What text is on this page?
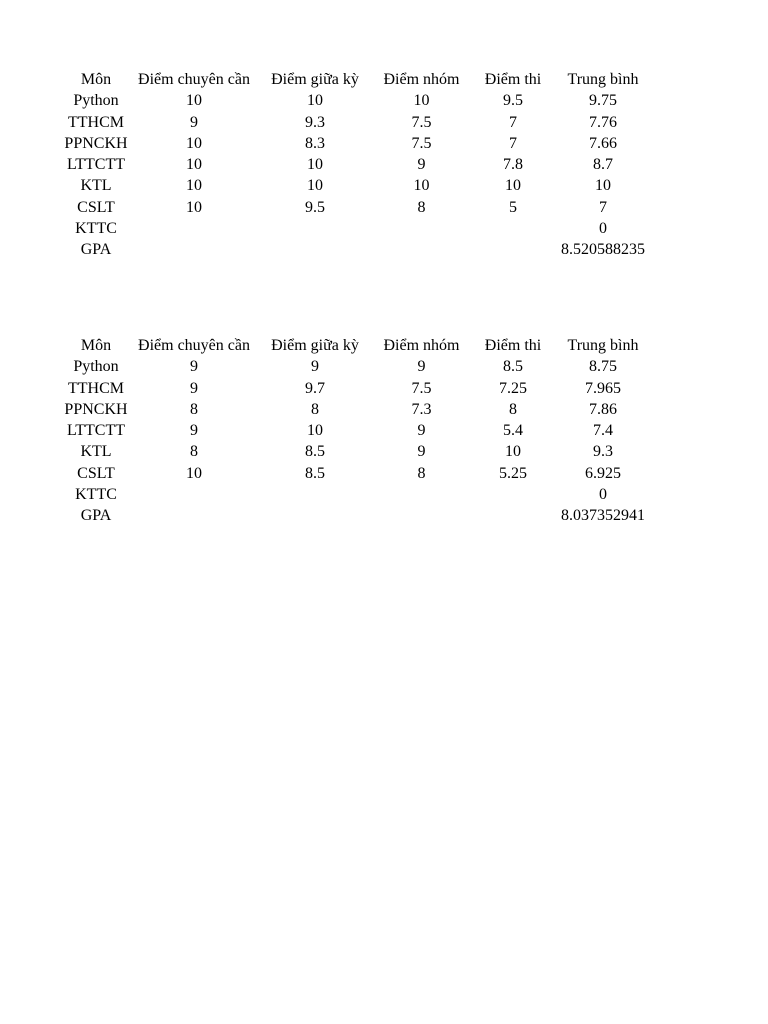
Môn	Điểm chuyên cần	Điểm giữa kỳ	Điểm nhóm	Điểm thi	Trung bình
Python	10	10	10	9.5	9.75
TTHCM	9	9.3	7.5	7	7.76
PPNCKH	10	8.3	7.5	7	7.66
LTTCTT	10	10	9	7.8	8.7
KTL	10	10	10	10	10
CSLT	10	9.5	8	5	7
KTTC					0
GPA					8.520588235
Môn	Điểm chuyên cần	Điểm giữa kỳ	Điểm nhóm	Điểm thi	Trung bình
Python	9	9	9	8.5	8.75
TTHCM	9	9.7	7.5	7.25	7.965
PPNCKH	8	8	7.3	8	7.86
LTTCTT	9	10	9	5.4	7.4
KTL	8	8.5	9	10	9.3
CSLT	10	8.5	8	5.25	6.925
KTTC					0
GPA					8.037352941
